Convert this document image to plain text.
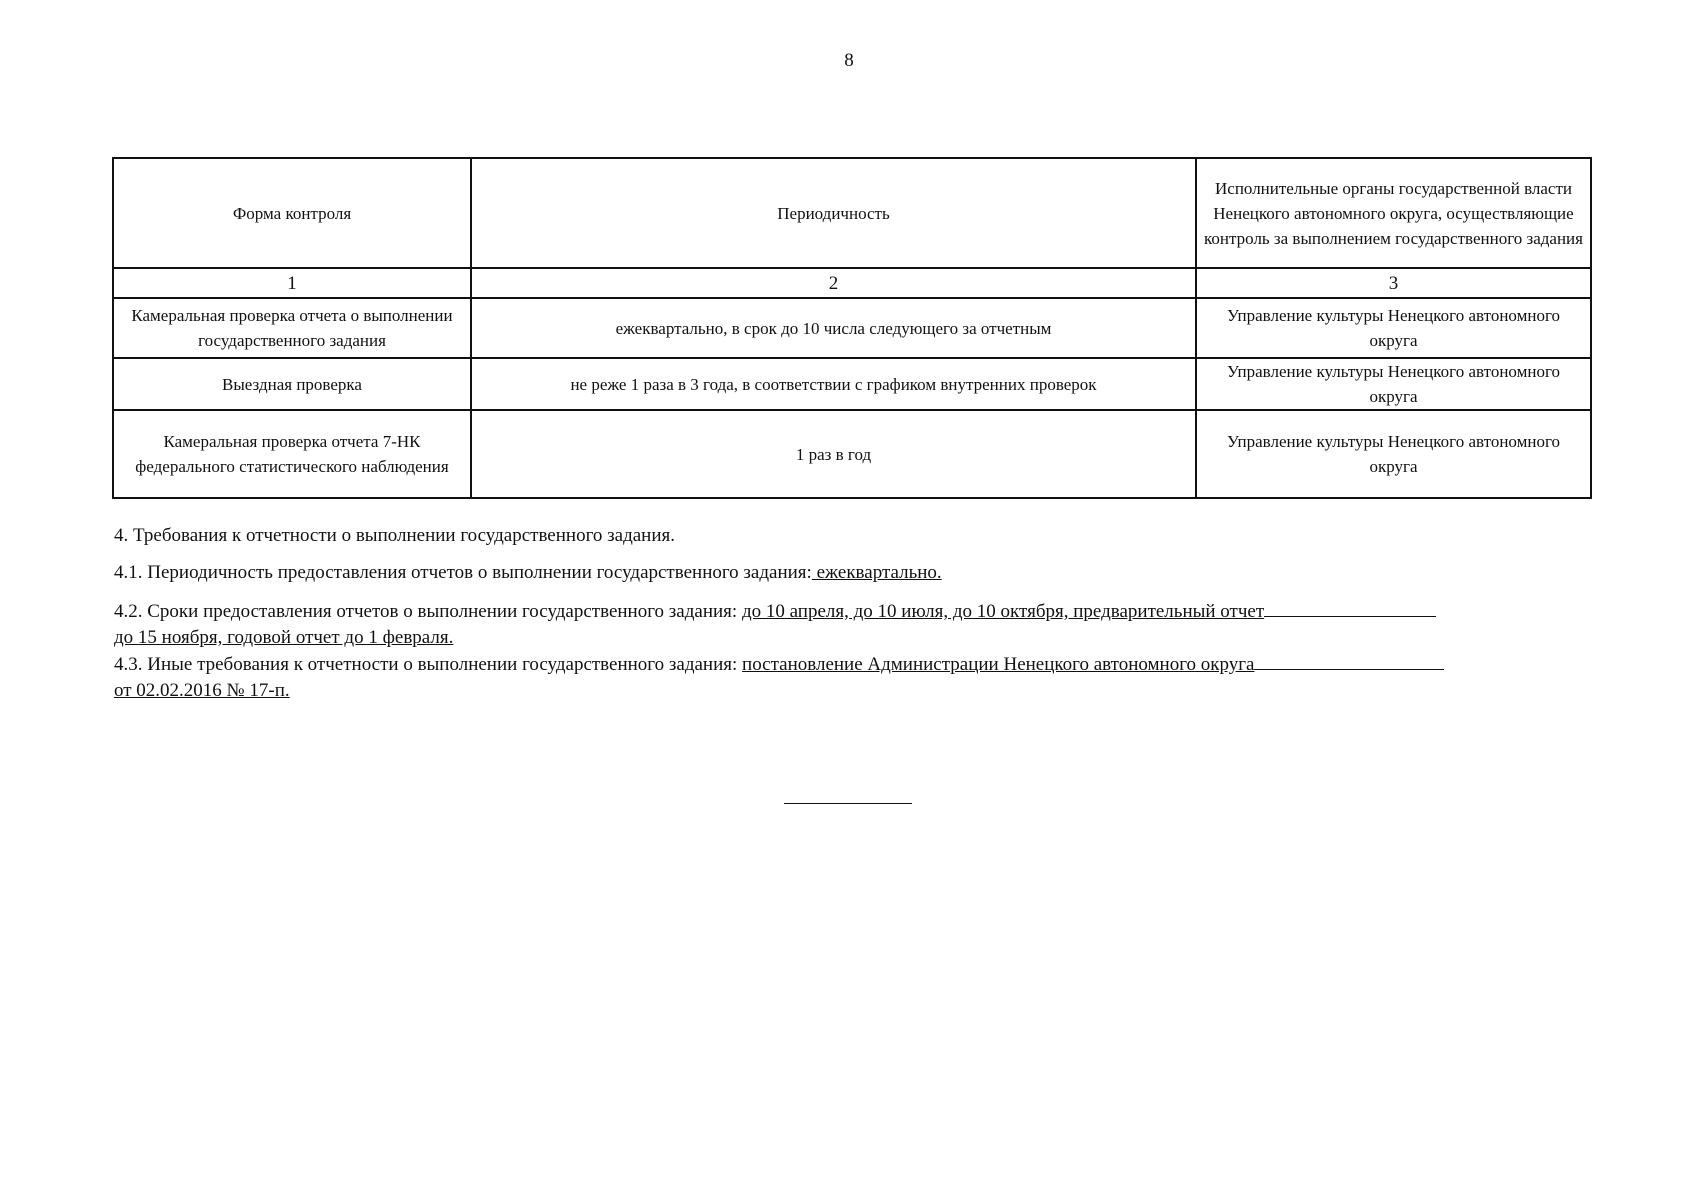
8
Форма контроля	Периодичность	Исполнительные органы государственной власти Ненецкого автономного округа, осуществляющие контроль за выполнением государственного задания
1	2	3
Камеральная проверка отчета о выполнении государственного задания	ежеквартально, в срок до 10 числа следующего за отчетным	Управление культуры Ненецкого автономного округа
Выездная проверка	не реже 1 раза в 3 года, в соответствии с графиком внутренних проверок	Управление культуры Ненецкого автономного округа
Камеральная проверка отчета 7-НК федерального статистического наблюдения	1 раз в год	Управление культуры Ненецкого автономного округа
4. Требования к отчетности о выполнении государственного задания.
4.1. Периодичность предоставления отчетов о выполнении государственного задания: ежеквартально.
4.2. Сроки предоставления отчетов о выполнении государственного задания: до 10 апреля, до 10 июля, до 10 октября, предварительный отчет
до 15 ноября, годовой отчет до 1 февраля.
4.3. Иные требования к отчетности о выполнении государственного задания: постановление Администрации Ненецкого автономного округа
от 02.02.2016 № 17-п.
